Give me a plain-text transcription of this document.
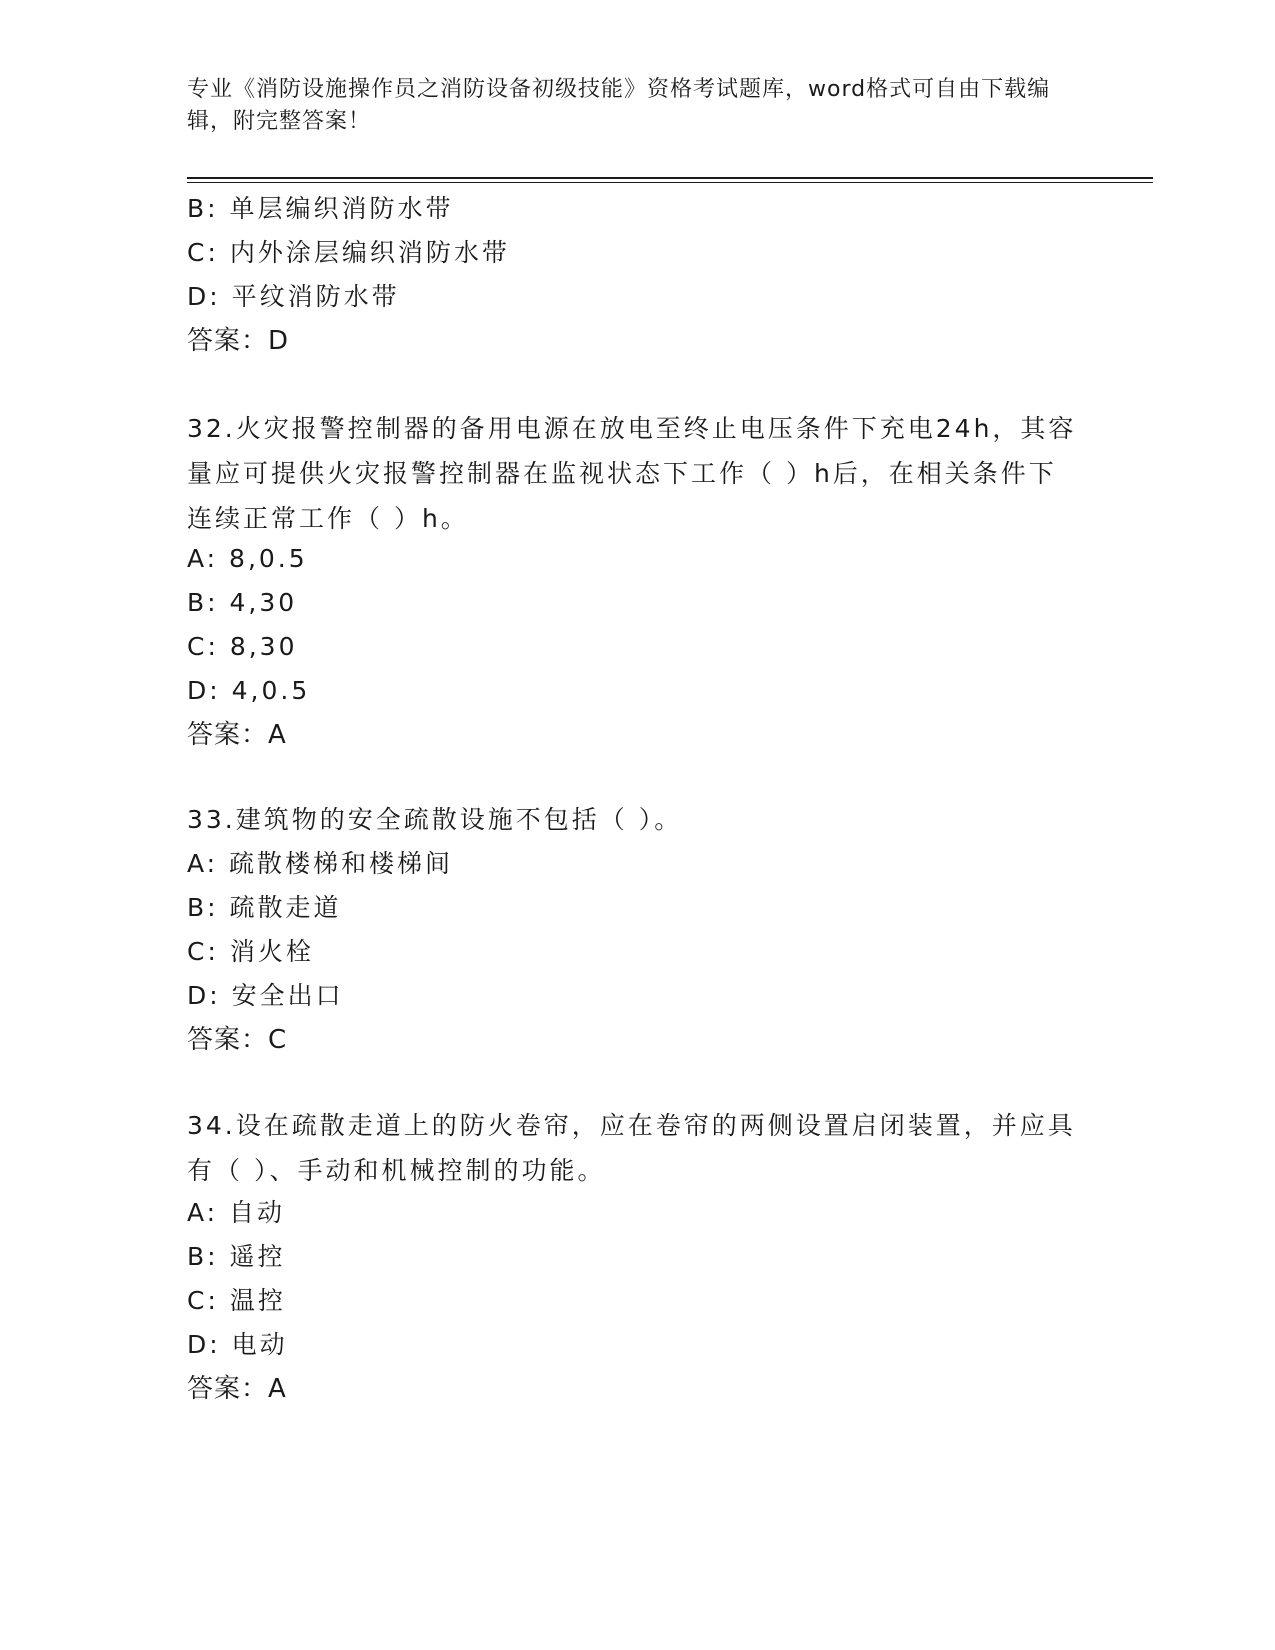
专业《消防设施操作员之消防设备初级技能》资格考试题库，word格式可自由下载编辑，附完整答案！
B: 单层编织消防水带
C: 内外涂层编织消防水带
D: 平纹消防水带
答案：D
32.火灾报警控制器的备用电源在放电至终止电压条件下充电24h，其容量应可提供火灾报警控制器在监视状态下工作（ ）h后，在相关条件下连续正常工作（ ）h。
A: 8,0.5
B: 4,30
C: 8,30
D: 4,0.5
答案：A
33.建筑物的安全疏散设施不包括（ ）。
A: 疏散楼梯和楼梯间
B: 疏散走道
C: 消火栓
D: 安全出口
答案：C
34.设在疏散走道上的防火卷帘，应在卷帘的两侧设置启闭装置，并应具有（ ）、手动和机械控制的功能。
A: 自动
B: 遥控
C: 温控
D: 电动
答案：A
